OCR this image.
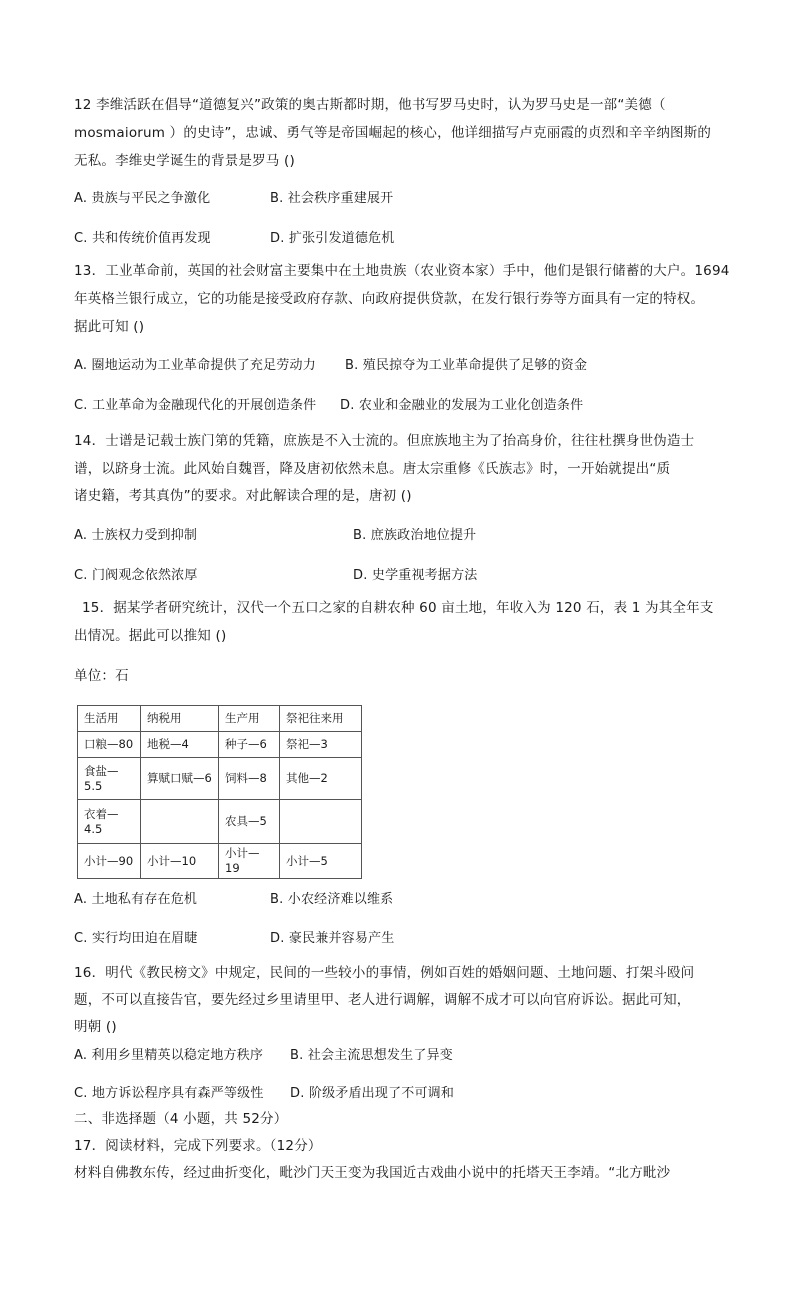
12 李维活跃在倡导“道德复兴”政策的奥古斯都时期，他书写罗马史时，认为罗马史是一部“美德（
mosmaiorum ）的史诗”，忠诚、勇气等是帝国崛起的核心，他详细描写卢克丽霞的贞烈和辛辛纳图斯的
无私。李维史学诞生的背景是罗马 ()
A. 贵族与平民之争激化	B. 社会秩序重建展开
C. 共和传统价值再发现	D. 扩张引发道德危机
13．工业革命前，英国的社会财富主要集中在土地贵族（农业资本家）手中，他们是银行储蓄的大户。1694
年英格兰银行成立，它的功能是接受政府存款、向政府提供贷款，在发行银行券等方面具有一定的特权。
据此可知 ()
A. 圈地运动为工业革命提供了充足劳动力 B. 殖民掠夺为工业革命提供了足够的资金
C. 工业革命为金融现代化的开展创造条件 D. 农业和金融业的发展为工业化创造条件
14．士谱是记载士族门第的凭籍，庶族是不入士流的。但庶族地主为了抬高身价，往往杜撰身世伪造士
谱，以跻身士流。此风始自魏晋，降及唐初依然未息。唐太宗重修《氏族志》时，一开始就提出“质
诸史籍，考其真伪”的要求。对此解读合理的是，唐初 ()
A. 士族权力受到抑制	B. 庶族政治地位提升
C. 门阀观念依然浓厚	D. 史学重视考据方法
15．据某学者研究统计，汉代一个五口之家的自耕农种 60 亩土地，年收入为 120 石，表 1 为其全年支
出情况。据此可以推知 ()
单位：石
生活用	纳税用	生产用	祭祀往来用
口粮—80	地税—4	种子—6	祭祀—3
食盐—5.5	算赋口赋—6	饲料—8	其他—2
衣着—4.5		农具—5	
小计—90	小计—10	小计—19	小计—5
A. 土地私有存在危机	B. 小农经济难以维系
C. 实行均田迫在眉睫	D. 豪民兼并容易产生
16．明代《教民榜文》中规定，民间的一些较小的事情，例如百姓的婚姻问题、土地问题、打架斗殴问
题，不可以直接告官，要先经过乡里请里甲、老人进行调解，调解不成才可以向官府诉讼。据此可知，
明朝 ()
A. 利用乡里精英以稳定地方秩序 B. 社会主流思想发生了异变
C. 地方诉讼程序具有森严等级性 D. 阶级矛盾出现了不可调和
二、非选择题（4 小题，共 52分）
17．阅读材料，完成下列要求。（12分）
材料自佛教东传，经过曲折变化，毗沙门天王变为我国近古戏曲小说中的托塔天王李靖。“北方毗沙
